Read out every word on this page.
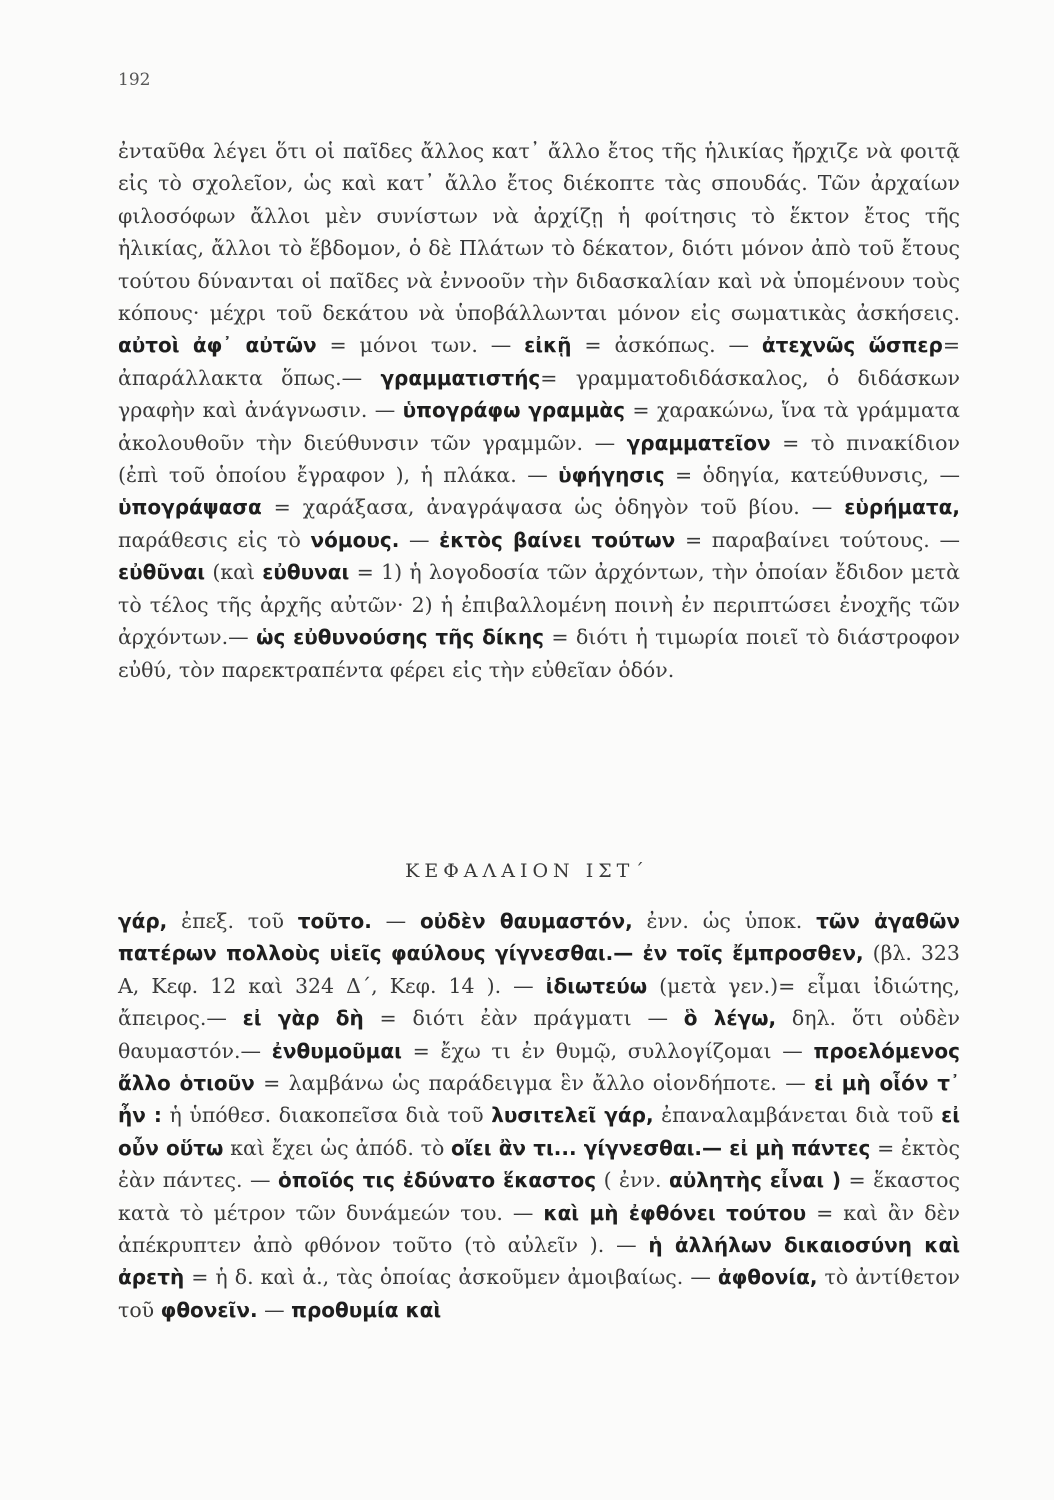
192
ἐνταῦθα λέγει ὅτι οἱ παῖδες ἄλλος κατ᾽ ἄλλο ἔτος τῆς ἡλικίας ἤρχιζε νὰ φοιτᾷ εἰς τὸ σχολεῖον, ὡς καὶ κατ᾽ ἄλλο ἔτος διέκοπτε τὰς σπουδάς. Τῶν ἀρχαίων φιλοσόφων ἄλλοι μὲν συνίστων νὰ ἀρχίζῃ ἡ φοίτησις τὸ ἕκτον ἔτος τῆς ἡλικίας, ἄλλοι τὸ ἕβδομον, ὁ δὲ Πλάτων τὸ δέκατον, διότι μόνον ἀπὸ τοῦ ἔτους τούτου δύνανται οἱ παῖδες νὰ ἐννοοῦν τὴν διδασκαλίαν καὶ νὰ ὑπομένουν τοὺς κόπους· μέχρι τοῦ δεκάτου νὰ ὑποβάλλωνται μόνον εἰς σωματικὰς ἀσκήσεις. αὐτοὶ ἀφ᾽ αὐτῶν = μόνοι των. — εἰκῇ = ἀσκόπως. — ἀτεχνῶς ὥσπερ= ἀπαράλλακτα ὅπως.— γραμματιστής= γραμματοδιδάσκαλος, ὁ διδάσκων γραφὴν καὶ ἀνάγνωσιν. — ὑπογράφω γραμμὰς = χαρακώνω, ἵνα τὰ γράμματα ἀκολουθοῦν τὴν διεύθυνσιν τῶν γραμμῶν. — γραμματεῖον = τὸ πινακίδιον (ἐπὶ τοῦ ὁποίου ἔγραφον ), ἡ πλάκα. — ὑφήγησις = ὁδηγία, κατεύθυνσις, — ὑπογράψασα = χαράξασα, ἀναγράψασα ὡς ὁδηγὸν τοῦ βίου. — εὑρήματα, παράθεσις εἰς τὸ νόμους. — ἐκτὸς βαίνει τούτων = παραβαίνει τούτους. — εὐθῦναι (καὶ εὐθυναι = 1) ἡ λογοδοσία τῶν ἀρχόντων, τὴν ὁποίαν ἔδιδον μετὰ τὸ τέλος τῆς ἀρχῆς αὐτῶν· 2) ἡ ἐπιβαλλομένη ποινὴ ἐν περιπτώσει ἐνοχῆς τῶν ἀρχόντων.— ὡς εὐθυνούσης τῆς δίκης = διότι ἡ τιμωρία ποιεῖ τὸ διάστροφον εὐθύ, τὸν παρεκτραπέντα φέρει εἰς τὴν εὐθεῖαν ὁδόν.
ΚΕΦΑΛΑΙΟΝ ΙΣΤ΄
γάρ, ἐπεξ. τοῦ τοῦτο. — οὐδὲν θαυμαστόν, ἐνν. ὡς ὑποκ. τῶν ἀγαθῶν πατέρων πολλοὺς υἱεῖς φαύλους γίγνεσθαι.— ἐν τοῖς ἔμπροσθεν, (βλ. 323 Α, Κεφ. 12 καὶ 324 Δ΄, Κεφ. 14 ). — ἰδιωτεύω (μετὰ γεν.)= εἶμαι ἰδιώτης, ἄπειρος.— εἰ γὰρ δὴ = διότι ἐὰν πράγματι — ὃ λέγω, δηλ. ὅτι οὐδὲν θαυμαστόν.— ἐνθυμοῦμαι = ἔχω τι ἐν θυμῷ, συλλογίζομαι — προελόμενος ἄλλο ὁτιοῦν = λαμβάνω ὡς παράδειγμα ἓν ἄλλο οἱονδήποτε. — εἰ μὴ οἷόν τ᾽ ἦν : ἡ ὑπόθεσ. διακοπεῖσα διὰ τοῦ λυσιτελεῖ γάρ, ἐπαναλαμβάνεται διὰ τοῦ εἰ οὖν οὕτω καὶ ἔχει ὡς ἀπόδ. τὸ οἴει ἂν τι... γίγνεσθαι.— εἰ μὴ πάντες = ἐκτὸς ἐὰν πάντες. — ὁποῖός τις ἐδύνατο ἕκαστος ( ἐνν. αὐλητὴς εἶναι ) = ἕκαστος κατὰ τὸ μέτρον τῶν δυνάμεών του. — καὶ μὴ ἐφθόνει τούτου = καὶ ἂν δὲν ἀπέκρυπτεν ἀπὸ φθόνον τοῦτο (τὸ αὐλεῖν ). — ἡ ἀλλήλων δικαιοσύνη καὶ ἀρετὴ = ἡ δ. καὶ ἀ., τὰς ὁποίας ἀσκοῦμεν ἀμοιβαίως. — ἀφθονία, τὸ ἀντίθετον τοῦ φθονεῖν. — προθυμία καὶ
